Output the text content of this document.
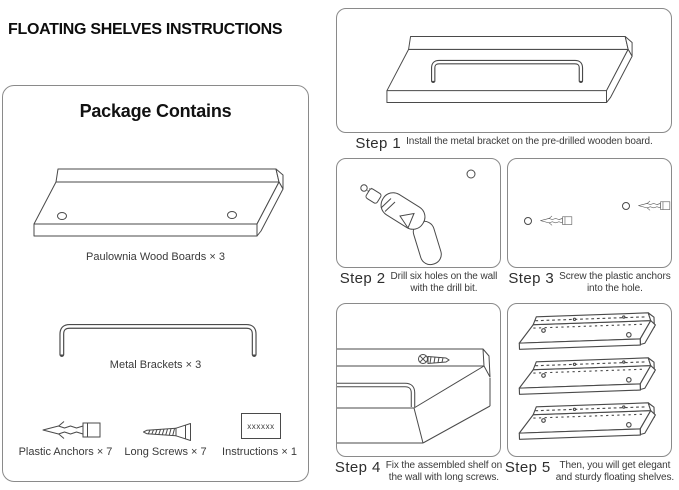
FLOATING SHELVES INSTRUCTIONS
Package Contains
Paulownia Wood Boards × 3
Metal Brackets × 3
xxxxxx
Plastic Anchors × 7	Long Screws × 7	Instructions × 1
Step 1 Install the metal bracket on the pre-drilled wooden board.
Step 2 Drill six holes on the wall
with the drill bit.
Step 3 Screw the plastic anchors
into the hole.
Step 4 Fix the assembled shelf on
the wall with long screws.
Step 5 Then, you will get elegant
and sturdy floating shelves.
